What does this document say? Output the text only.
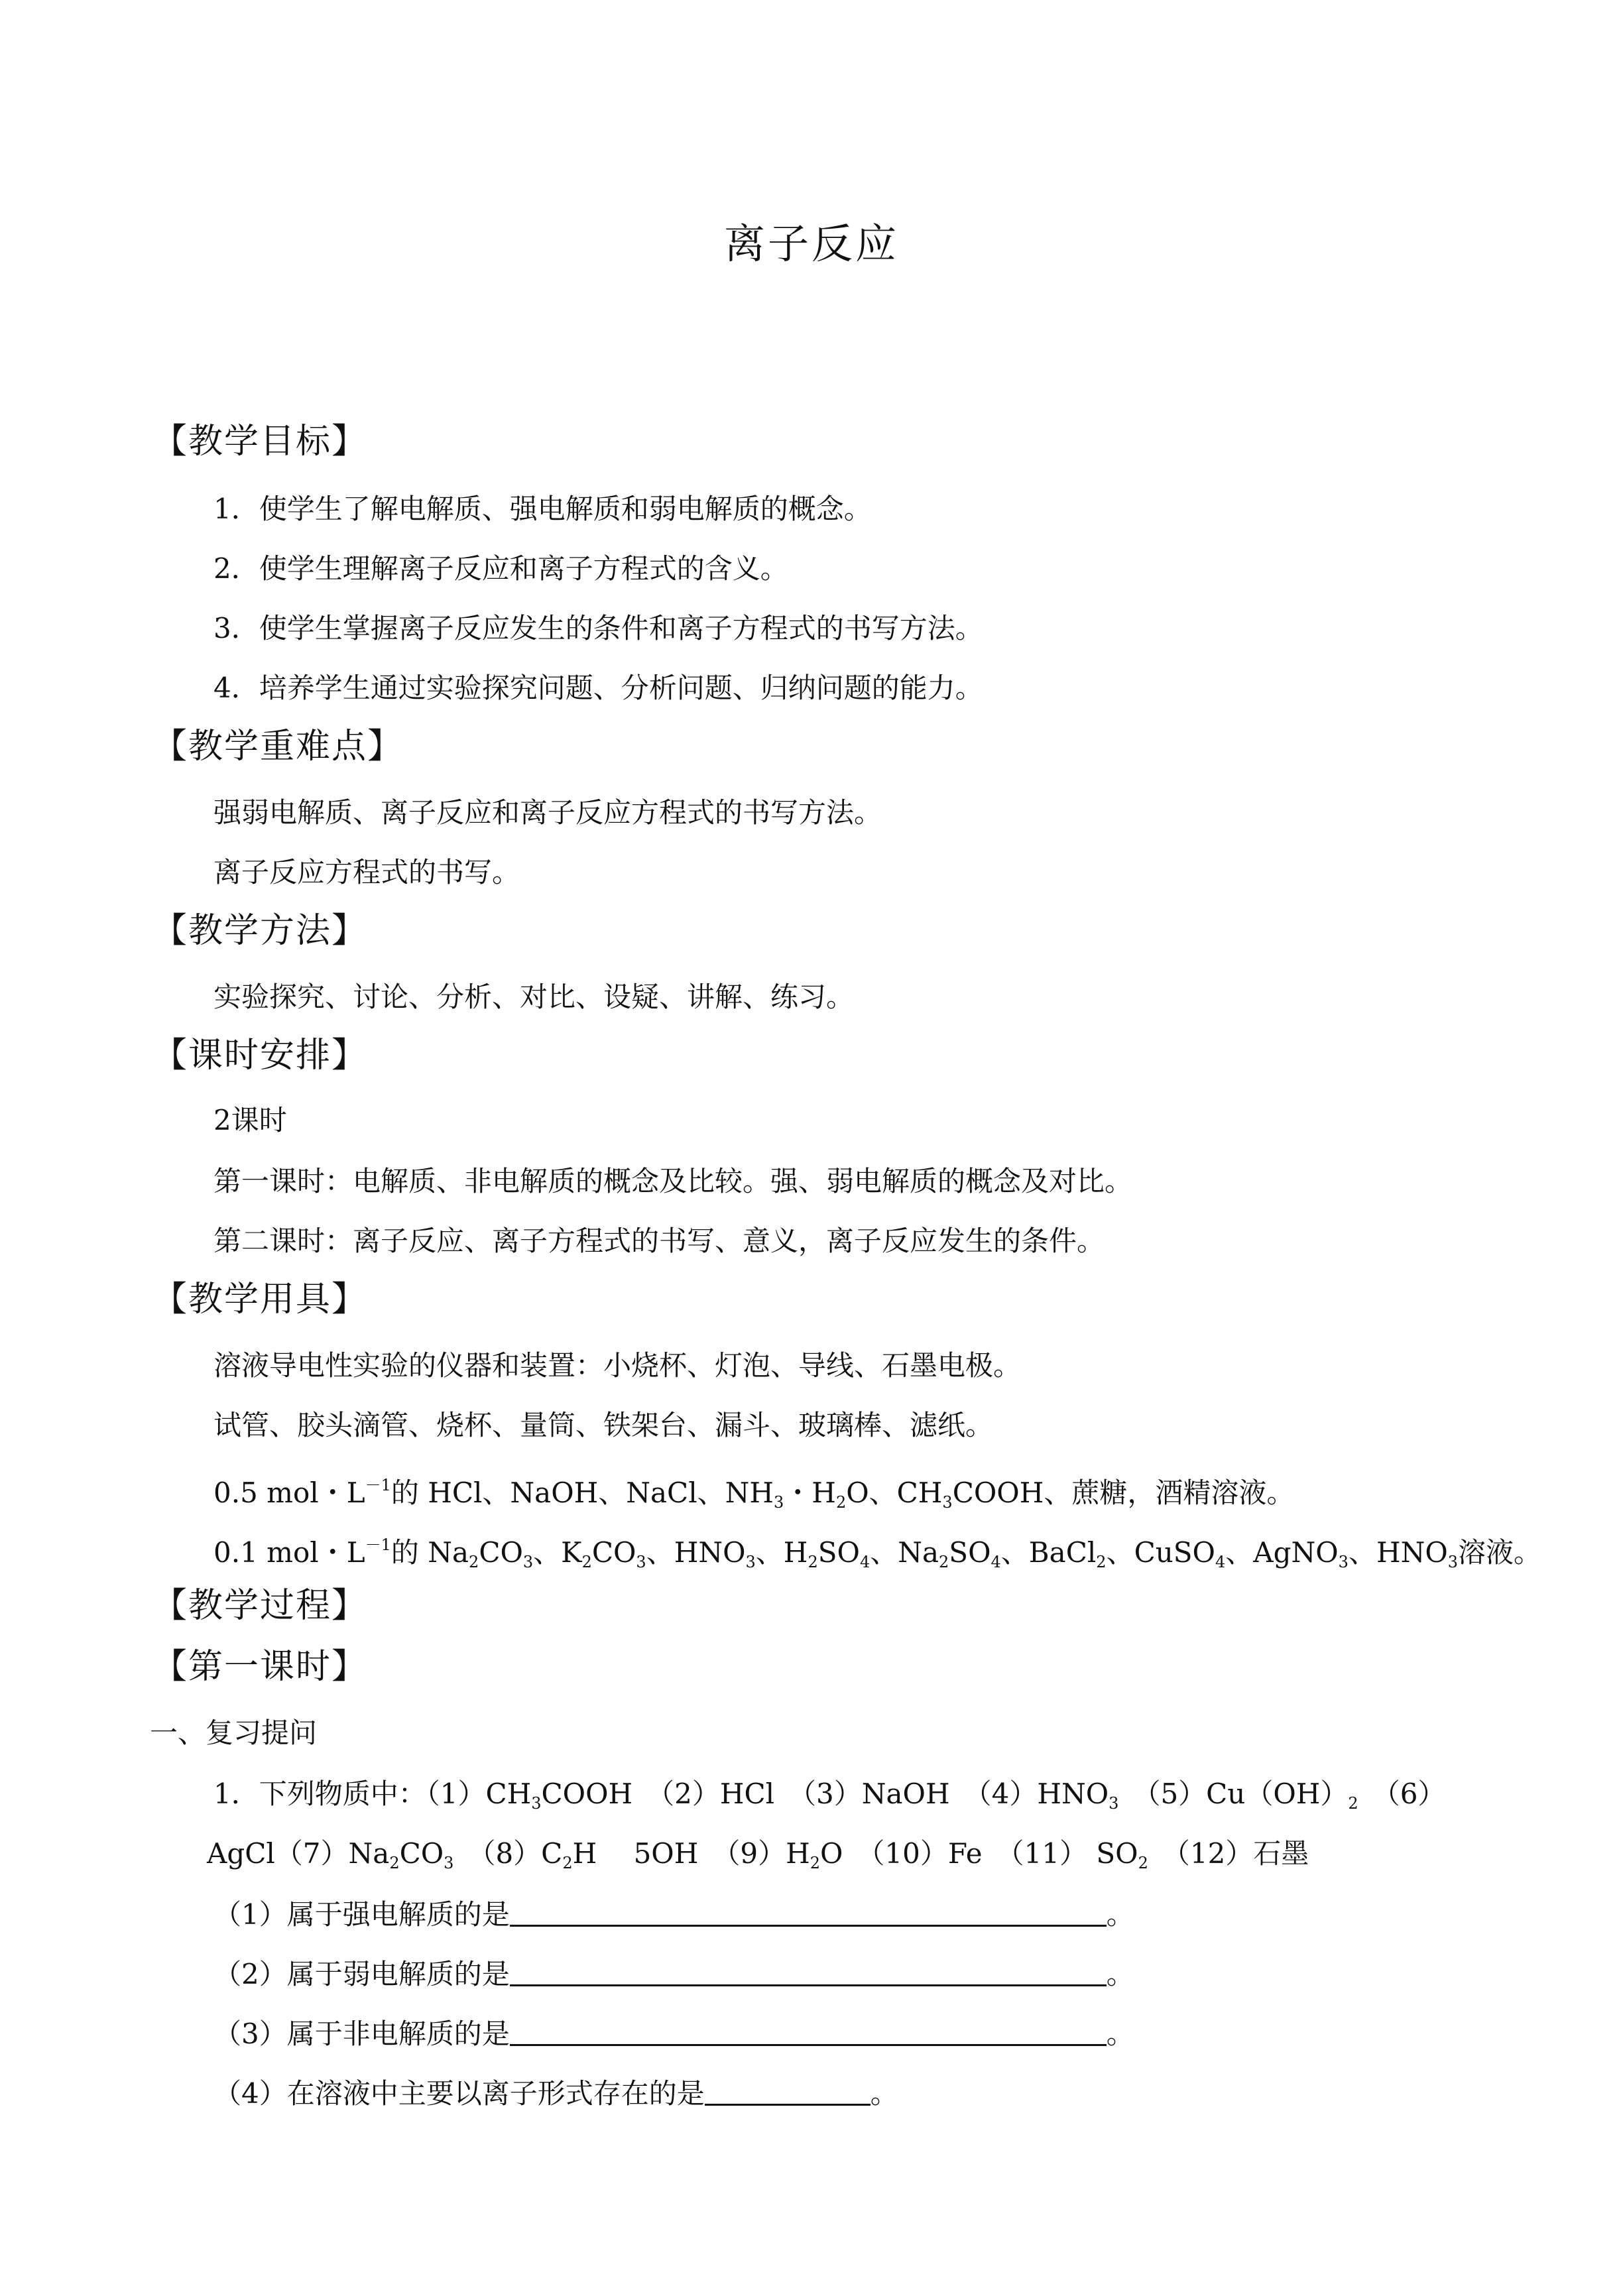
离子反应
【教学目标】
1．使学生了解电解质、强电解质和弱电解质的概念。
2．使学生理解离子反应和离子方程式的含义。
3．使学生掌握离子反应发生的条件和离子方程式的书写方法。
4．培养学生通过实验探究问题、分析问题、归纳问题的能力。
【教学重难点】
强弱电解质、离子反应和离子反应方程式的书写方法。
离子反应方程式的书写。
【教学方法】
实验探究、讨论、分析、对比、设疑、讲解、练习。
【课时安排】
2课时
第一课时：电解质、非电解质的概念及比较。强、弱电解质的概念及对比。
第二课时：离子反应、离子方程式的书写、意义，离子反应发生的条件。
【教学用具】
溶液导电性实验的仪器和装置：小烧杯、灯泡、导线、石墨电极。
试管、胶头滴管、烧杯、量筒、铁架台、漏斗、玻璃棒、滤纸。
0.5 mol・$L^{-1}$的 HCl、NaOH、NaCl、$NH_3$・$H_2O$、$CH_3COOH$、蔗糖，酒精溶液。
0.1 mol・$L^{-1}$的 $Na_2CO_3$、$K_2CO_3$、$HNO_3$、$H_2SO_4$、$Na_2SO_4$、BaCl$_2$、CuSO$_4$、AgNO$_3$、$HNO_3$溶液。
【教学过程】
【第一课时】
一、复习提问
1．下列物质中：$(1)CH_3COOH$　（2）HCl　（3）NaOH　$(4)HNO_3$　$(5)Cu(OH)_2$　（6）
$AgCl(7)Na_2CO_3$　$(8)C_2H$　 5OH　$(9)H_2O$　（10）Fe　（11） $SO_2$　（12）石墨
（1）属于强电解质的是	。
（2）属于弱电解质的是	。
（3）属于非电解质的是	。
（4）在溶液中主要以离子形式存在的是	。
